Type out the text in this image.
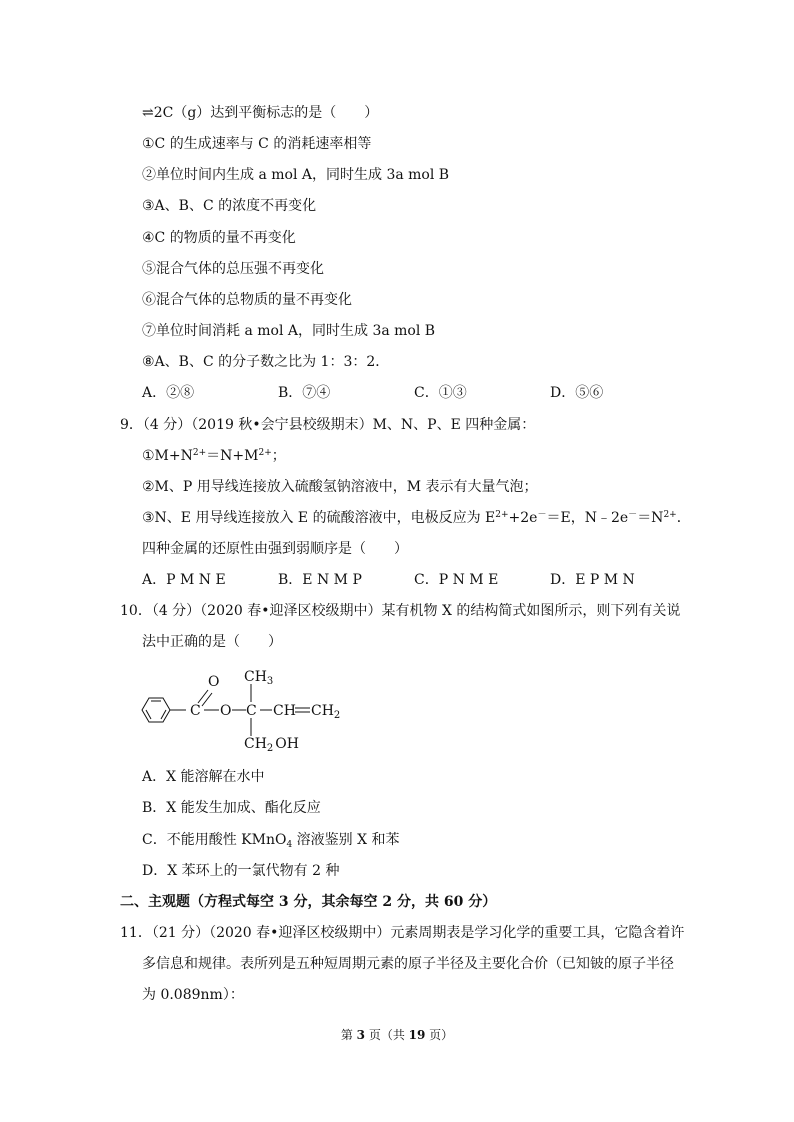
⇌2C（g）达到平衡标志的是（　　）
①C 的生成速率与 C 的消耗速率相等
②单位时间内生成 a mol A，同时生成 3a mol B
③A、B、C 的浓度不再变化
④C 的物质的量不再变化
⑤混合气体的总压强不再变化
⑥混合气体的总物质的量不再变化
⑦单位时间消耗 a mol A，同时生成 3a mol B
⑧A、B、C 的分子数之比为 1：3：2．
A．②⑧	B．⑦④	C．①③	D．⑤⑥
9．（4 分）（2019 秋•会宁县校级期末）M、N、P、E 四种金属：
$①M+N^{2+}=N+M^{2+}$；
②M、P 用导线连接放入硫酸氢钠溶液中，M 表示有大量气泡；
③N、E 用导线连接放入 E 的硫酸溶液中，电极反应为 $E^{2+}+2e^-=E$，$N﹣2e^-=N^{2+}$．
四种金属的还原性由强到弱顺序是（　　）
A．P M N E	B．E N M P	C．P N M E	D．E P M N
10．（4 分）（2020 春•迎泽区校级期中）某有机物 X 的结构简式如图所示，则下列有关说
法中正确的是（　　）
O
C O C
$CH_3$
CH $CH_2$
$CH_2$ OH
A．X 能溶解在水中
B．X 能发生加成、酯化反应
C．不能用酸性 KMnO$_4$ 溶液鉴别 X 和苯
D．X 苯环上的一氯代物有 2 种
二、主观题（方程式每空 3 分，其余每空 2 分，共 60 分）
11．（21 分）（2020 春•迎泽区校级期中）元素周期表是学习化学的重要工具，它隐含着许
多信息和规律。表所列是五种短周期元素的原子半径及主要化合价（已知铍的原子半径
为 0.089nm）：
第 3 页（共 19 页）
